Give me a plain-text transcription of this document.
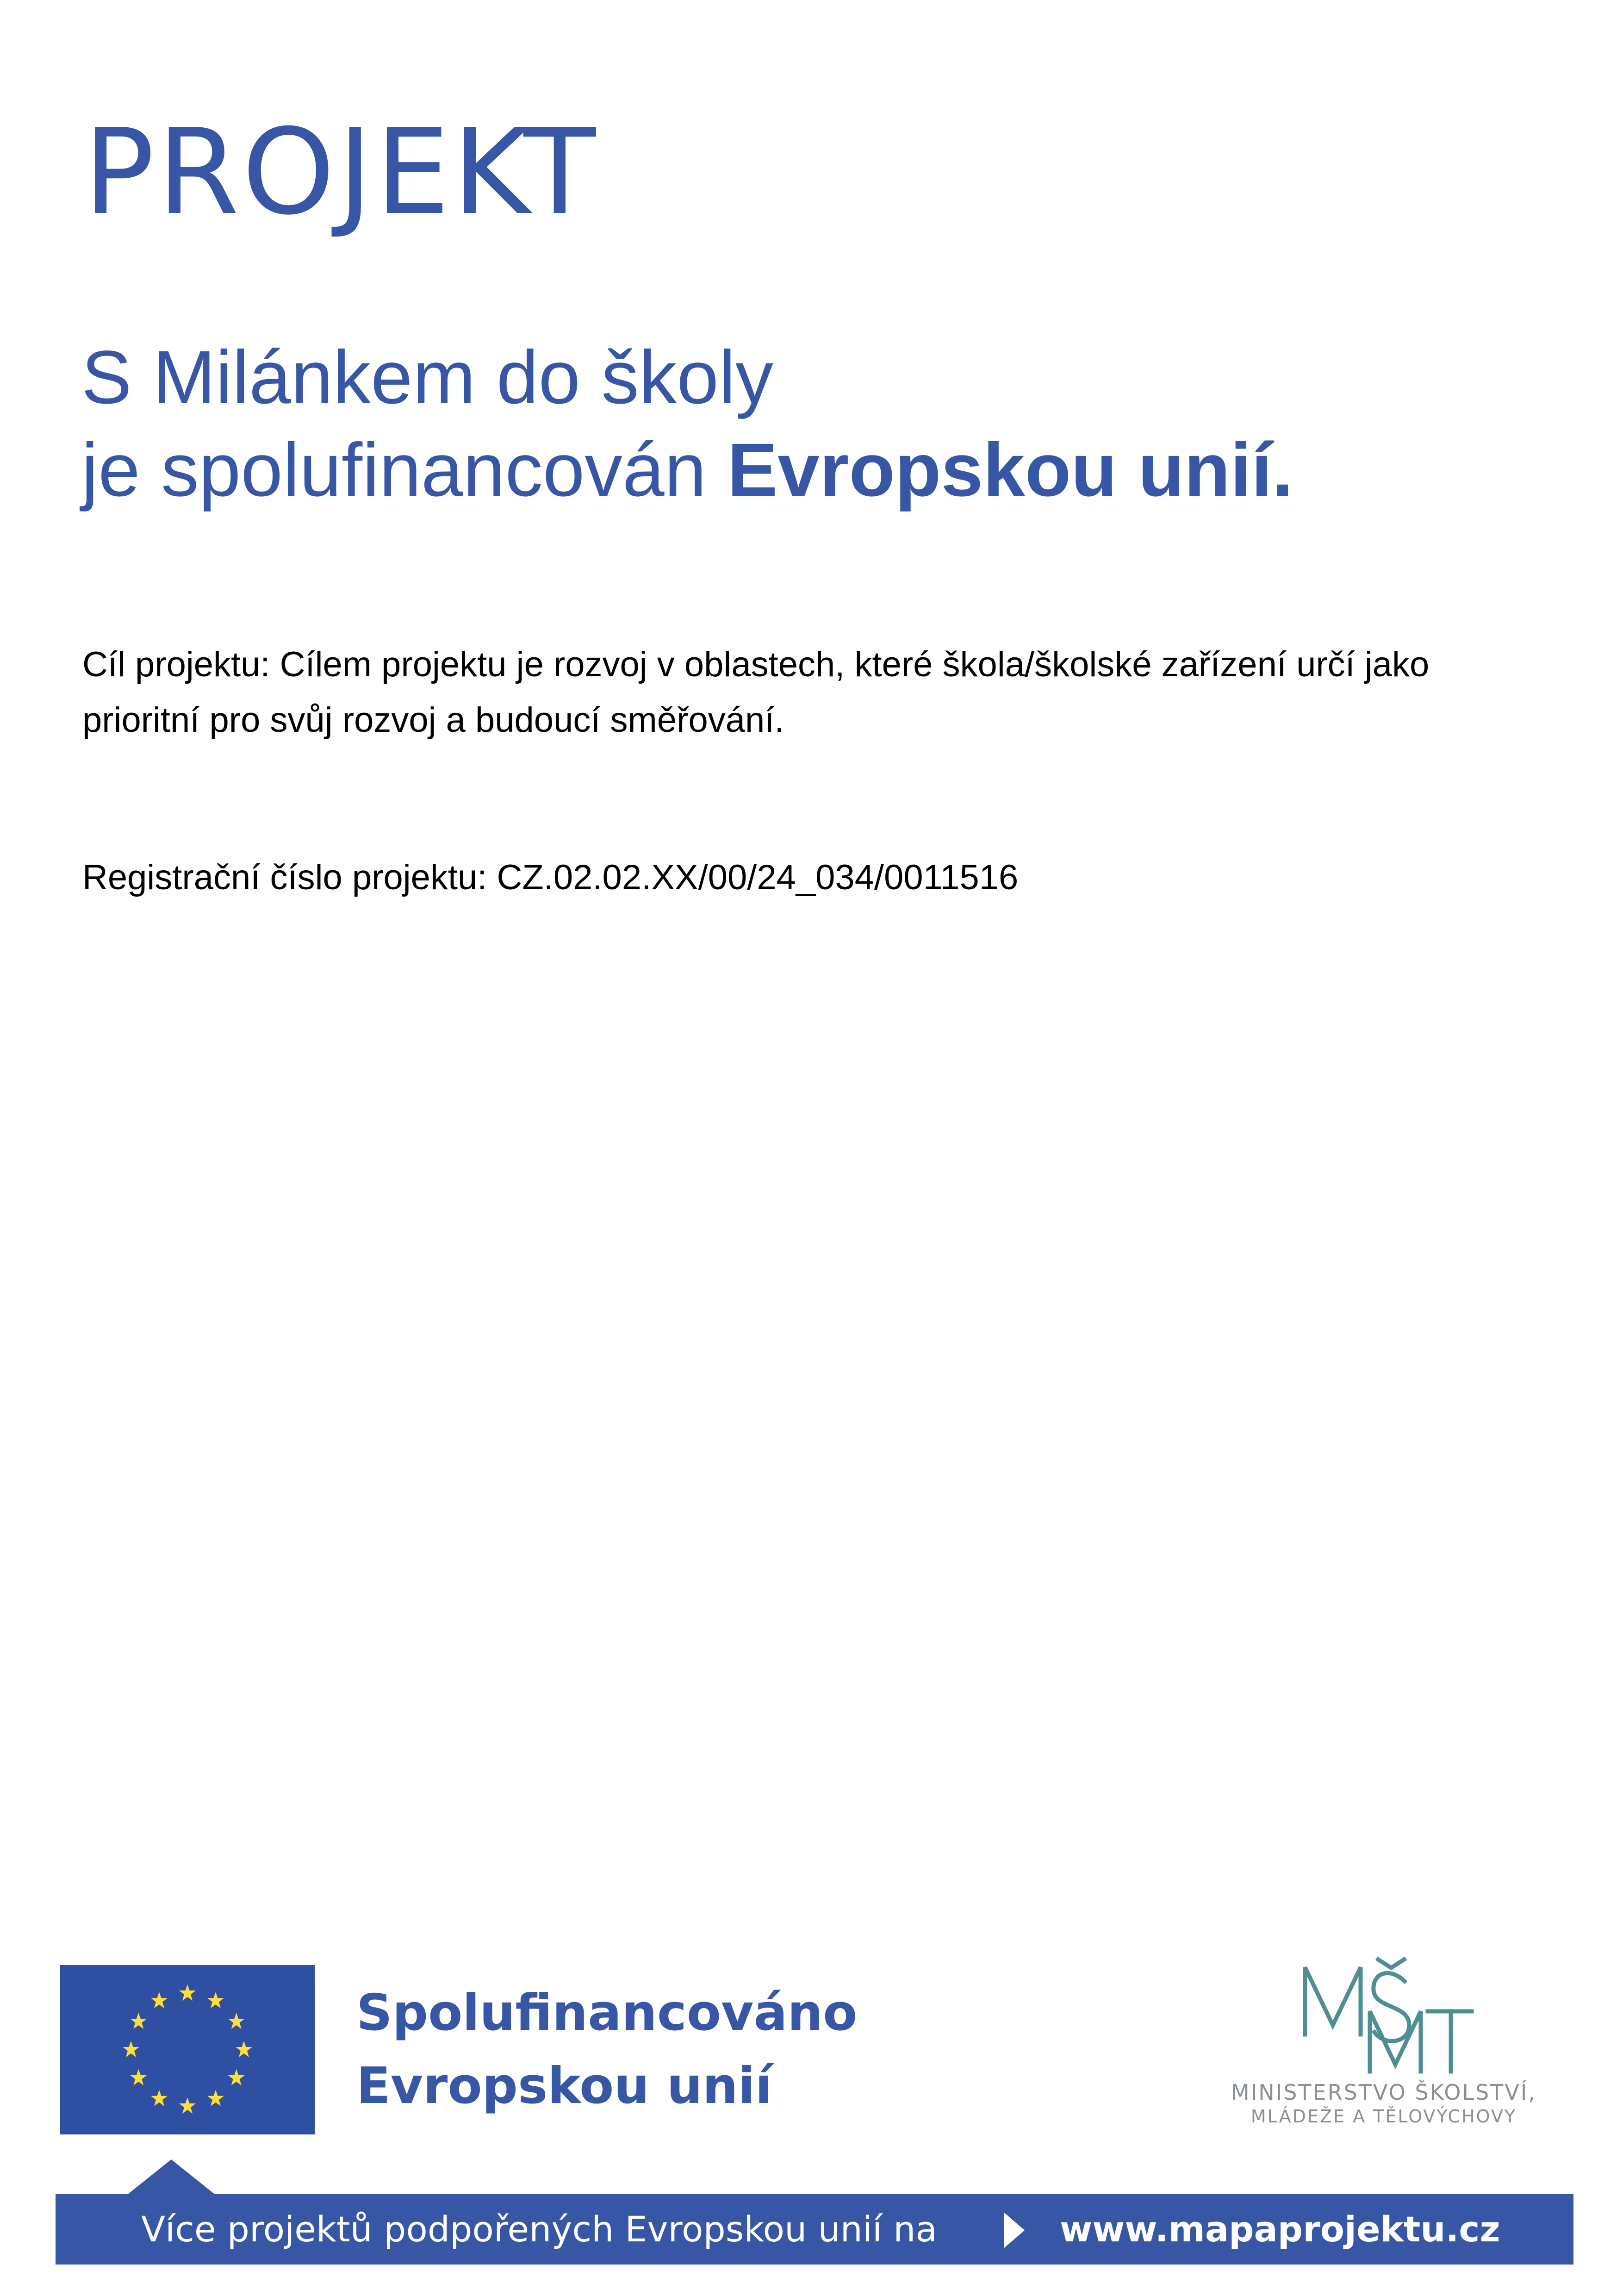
PROJEKT
S Milánkem do školy
je spolufinancován Evropskou unií.

Cíl projektu: Cílem projektu je rozvoj v oblastech, které škola/školské zařízení určí jako prioritní pro svůj rozvoj a budoucí směřování.

Registrační číslo projektu: CZ.02.02.XX/00/24_034/0011516

Spolufinancováno
Evropskou unií	MINISTERSTVO ŠKOLSTVÍ,
MLÁDEŽE A TĚLOVÝCHOVY
Více projektů podpořených Evropskou unií na	www.mapaprojektu.cz
